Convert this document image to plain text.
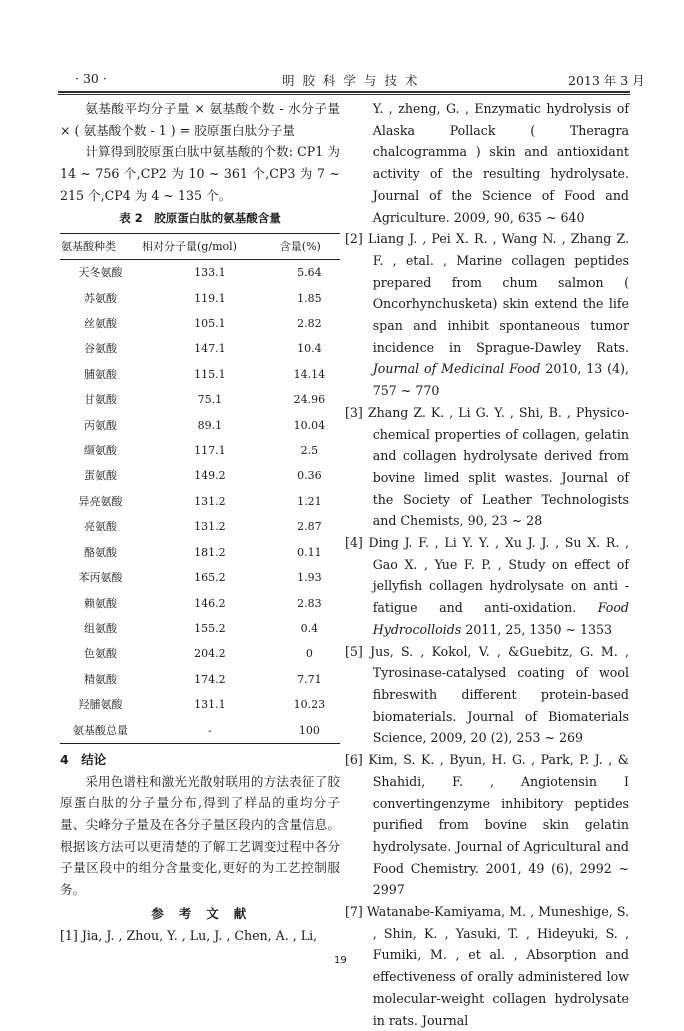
· 30 ·	明 胶 科 学 与 技 术	2013 年 3 月

氨基酸平均分子量 × 氨基酸个数 - 水分子量 × ( 氨基酸个数 - 1 ) = 胶原蛋白肽分子量

计算得到胶原蛋白肽中氨基酸的个数: CP1 为 14 ~ 756 个,CP2 为 10 ~ 361 个,CP3 为 7 ~ 215 个,CP4 为 4 ~ 135 个。

表 2　胶原蛋白肽的氨基酸含量
氨基酸种类	相对分子量(g/mol)	含量(%)
天冬氨酸	133.1	5.64
苏氨酸	119.1	1.85
丝氨酸	105.1	2.82
谷氨酸	147.1	10.4
脯氨酸	115.1	14.14
甘氨酸	75.1	24.96
丙氨酸	89.1	10.04
缬氨酸	117.1	2.5
蛋氨酸	149.2	0.36
异亮氨酸	131.2	1.21
亮氨酸	131.2	2.87
酪氨酸	181.2	0.11
苯丙氨酸	165.2	1.93
赖氨酸	146.2	2.83
组氨酸	155.2	0.4
色氨酸	204.2	0
精氨酸	174.2	7.71
羟脯氨酸	131.1	10.23
氨基酸总量	-	100
4　结论

采用色谱柱和激光光散射联用的方法表征了胶原蛋白肽的分子量分布,得到了样品的重均分子量、尖峰分子量及在各分子量区段内的含量信息。根据该方法可以更清楚的了解工艺调变过程中各分子量区段中的组分含量变化,更好的为工艺控制服务。

参考文献

[1] Jia, J. , Zhou, Y. , Lu, J. , Chen, A. , Li,

Y. , zheng, G. , Enzymatic hydrolysis of Alaska Pollack ( Theragra chalcogramma ) skin and antioxidant activity of the resulting hydrolysate. Journal of the Science of Food and Agriculture. 2009, 90, 635 ~ 640

[2] Liang J. , Pei X. R. , Wang N. , Zhang Z. F. , etal. , Marine collagen peptides prepared from chum salmon ( Oncorhynchusketa) skin extend the life span and inhibit spontaneous tumor incidence in Sprague-Dawley Rats. Journal of Medicinal Food 2010, 13 (4), 757 ~ 770

[3] Zhang Z. K. , Li G. Y. , Shi, B. , Physico-chemical properties of collagen, gelatin and collagen hydrolysate derived from bovine limed split wastes. Journal of the Society of Leather Technologists and Chemists, 90, 23 ~ 28

[4] Ding J. F. , Li Y. Y. , Xu J. J. , Su X. R. , Gao X. , Yue F. P. , Study on effect of jellyfish collagen hydrolysate on anti - fatigue and anti-oxidation. Food Hydrocolloids 2011, 25, 1350 ~ 1353

[5] Jus, S. , Kokol, V. , &Guebitz, G. M. , Tyrosinase-catalysed coating of wool fibreswith different protein-based biomaterials. Journal of Biomaterials Science, 2009, 20 (2), 253 ~ 269

[6] Kim, S. K. , Byun, H. G. , Park, P. J. , & Shahidi, F. , Angiotensin I convertingenzyme inhibitory peptides purified from bovine skin gelatin hydrolysate. Journal of Agricultural and Food Chemistry. 2001, 49 (6), 2992 ~ 2997

[7] Watanabe-Kamiyama, M. , Muneshige, S. , Shin, K. , Yasuki, T. , Hideyuki, S. , Fumiki, M. , et al. , Absorption and effectiveness of orally administered low molecular-weight collagen hydrolysate in rats. Journal

19
